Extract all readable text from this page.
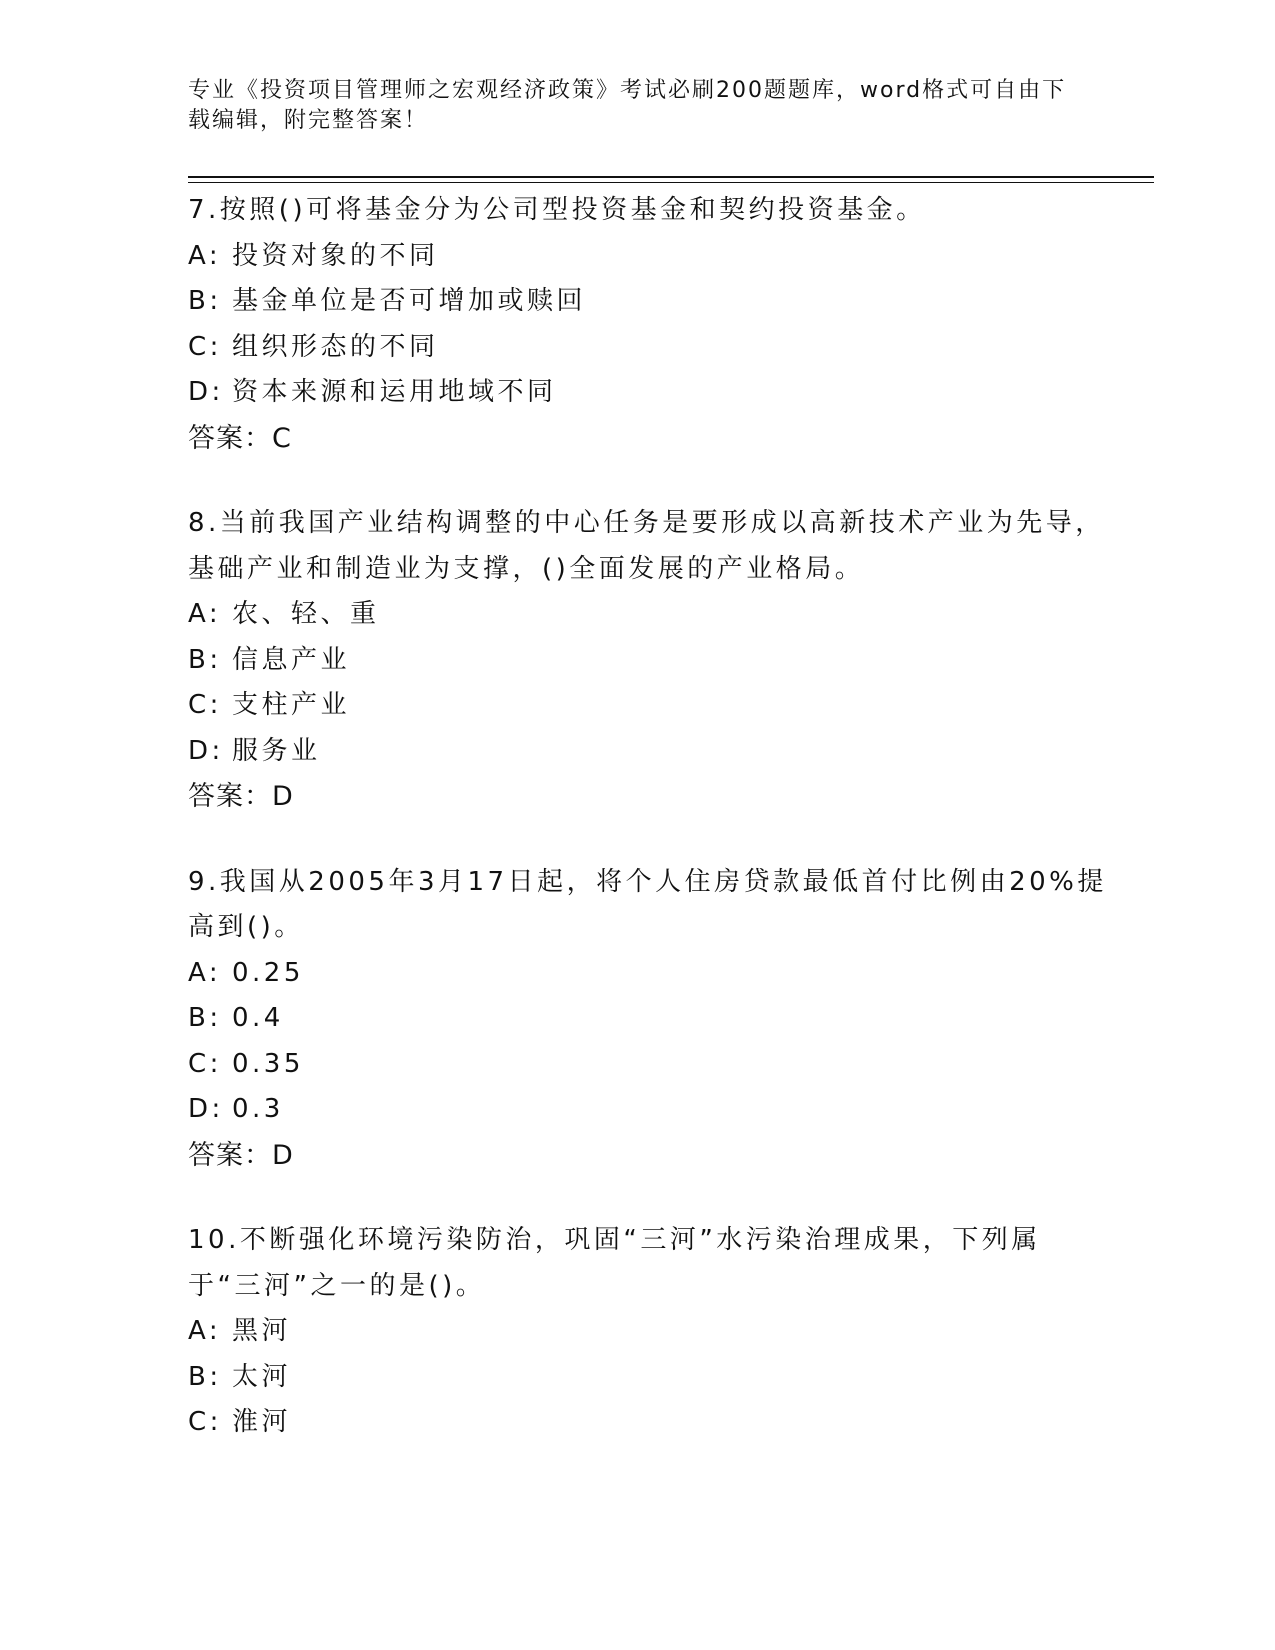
专业《投资项目管理师之宏观经济政策》考试必刷200题题库，word格式可自由下载编辑，附完整答案！

7.按照()可将基金分为公司型投资基金和契约投资基金。

A: 投资对象的不同

B: 基金单位是否可增加或赎回

C: 组织形态的不同

D: 资本来源和运用地域不同

答案：C

8.当前我国产业结构调整的中心任务是要形成以高新技术产业为先导，基础产业和制造业为支撑，()全面发展的产业格局。

A: 农、轻、重

B: 信息产业

C: 支柱产业

D: 服务业

答案：D

9.我国从2005年3月17日起，将个人住房贷款最低首付比例由20%提高到()。

A: 0.25

B: 0.4

C: 0.35

D: 0.3

答案：D

10.不断强化环境污染防治，巩固“三河”水污染治理成果，下列属于“三河”之一的是()。

A: 黑河

B: 太河

C: 淮河
